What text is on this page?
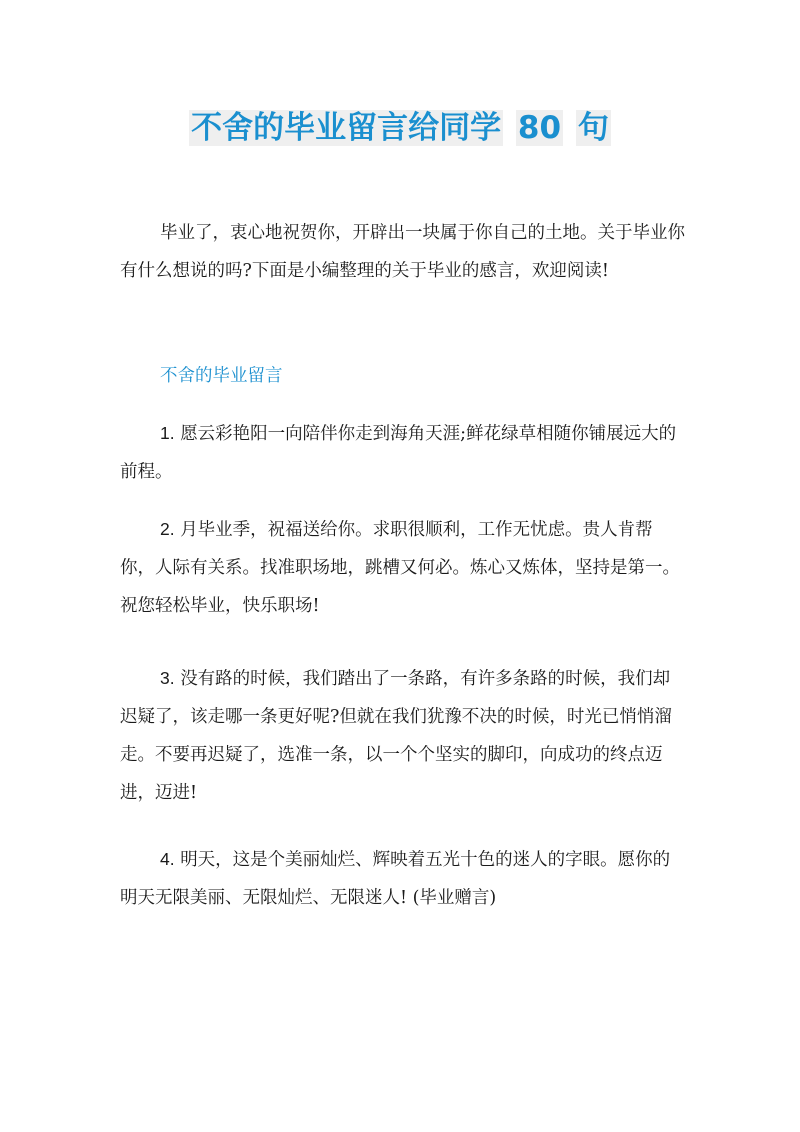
不舍的毕业留言给同学 80 句
毕业了，衷心地祝贺你，开辟出一块属于你自己的土地。关于毕业你有什么想说的吗?下面是小编整理的关于毕业的感言，欢迎阅读!
不舍的毕业留言
1. 愿云彩艳阳一向陪伴你走到海角天涯;鲜花绿草相随你铺展远大的前程。
2. 月毕业季，祝福送给你。求职很顺利，工作无忧虑。贵人肯帮你，人际有关系。找准职场地，跳槽又何必。炼心又炼体，坚持是第一。祝您轻松毕业，快乐职场!
3. 没有路的时候，我们踏出了一条路，有许多条路的时候，我们却迟疑了，该走哪一条更好呢?但就在我们犹豫不决的时候，时光已悄悄溜走。不要再迟疑了，选准一条，以一个个坚实的脚印，向成功的终点迈进，迈进!
4. 明天，这是个美丽灿烂、辉映着五光十色的迷人的字眼。愿你的明天无限美丽、无限灿烂、无限迷人! (毕业赠言)
